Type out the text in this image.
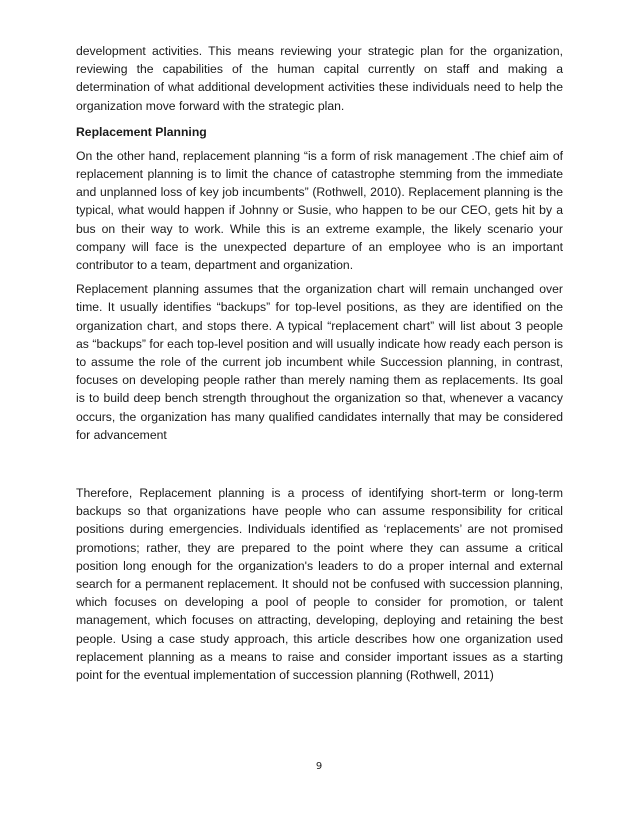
development activities. This means reviewing your strategic plan for the organization, reviewing the capabilities of the human capital currently on staff and making a determination of what additional development activities these individuals need to help the organization move forward with the strategic plan.

Replacement Planning

On the other hand, replacement planning “is a form of risk management .The chief aim of replacement planning is to limit the chance of catastrophe stemming from the immediate and unplanned loss of key job incumbents” (Rothwell, 2010). Replacement planning is the typical, what would happen if Johnny or Susie, who happen to be our CEO, gets hit by a bus on their way to work. While this is an extreme example, the likely scenario your company will face is the unexpected departure of an employee who is an important contributor to a team, department and organization.

Replacement planning assumes that the organization chart will remain unchanged over time. It usually identifies “backups” for top-level positions, as they are identified on the organization chart, and stops there. A typical “replacement chart” will list about 3 people as “backups” for each top-level position and will usually indicate how ready each person is to assume the role of the current job incumbent while Succession planning, in contrast, focuses on developing people rather than merely naming them as replacements. Its goal is to build deep bench strength throughout the organization so that, whenever a vacancy occurs, the organization has many qualified candidates internally that may be considered for advancement

Therefore, Replacement planning is a process of identifying short-term or long-term backups so that organizations have people who can assume responsibility for critical positions during emergencies. Individuals identified as ‘replacements’ are not promised promotions; rather, they are prepared to the point where they can assume a critical position long enough for the organization's leaders to do a proper internal and external search for a permanent replacement. It should not be confused with succession planning, which focuses on developing a pool of people to consider for promotion, or talent management, which focuses on attracting, developing, deploying and retaining the best people. Using a case study approach, this article describes how one organization used replacement planning as a means to raise and consider important issues as a starting point for the eventual implementation of succession planning (Rothwell, 2011)

9
